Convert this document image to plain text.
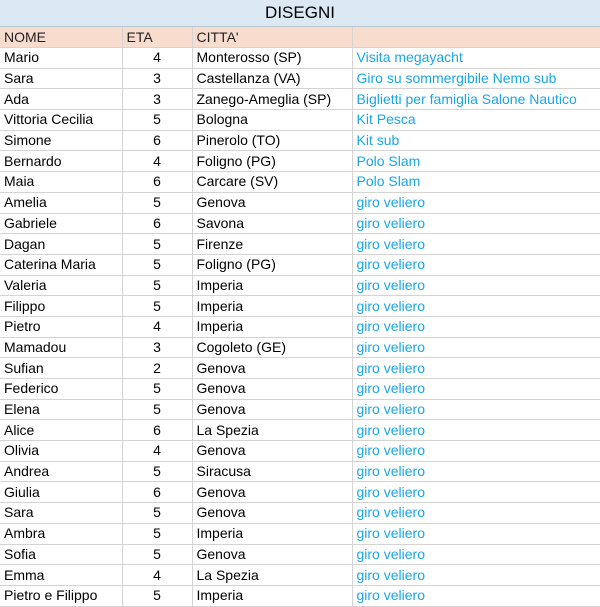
DISEGNI
NOME	ETA	CITTA'	
Mario	4	Monterosso (SP)	Visita megayacht
Sara	3	Castellanza (VA)	Giro su sommergibile Nemo sub
Ada	3	Zanego-Ameglia (SP)	Biglietti per famiglia Salone Nautico
Vittoria Cecilia	5	Bologna	Kit Pesca
Simone	6	Pinerolo (TO)	Kit sub
Bernardo	4	Foligno (PG)	Polo Slam
Maia	6	Carcare (SV)	Polo Slam
Amelia	5	Genova	giro veliero
Gabriele	6	Savona	giro veliero
Dagan	5	Firenze	giro veliero
Caterina Maria	5	Foligno (PG)	giro veliero
Valeria	5	Imperia	giro veliero
Filippo	5	Imperia	giro veliero
Pietro	4	Imperia	giro veliero
Mamadou	3	Cogoleto (GE)	giro veliero
Sufian	2	Genova	giro veliero
Federico	5	Genova	giro veliero
Elena	5	Genova	giro veliero
Alice	6	La Spezia	giro veliero
Olivia	4	Genova	giro veliero
Andrea	5	Siracusa	giro veliero
Giulia	6	Genova	giro veliero
Sara	5	Genova	giro veliero
Ambra	5	Imperia	giro veliero
Sofia	5	Genova	giro veliero
Emma	4	La Spezia	giro veliero
Pietro e Filippo	5	Imperia	giro veliero
